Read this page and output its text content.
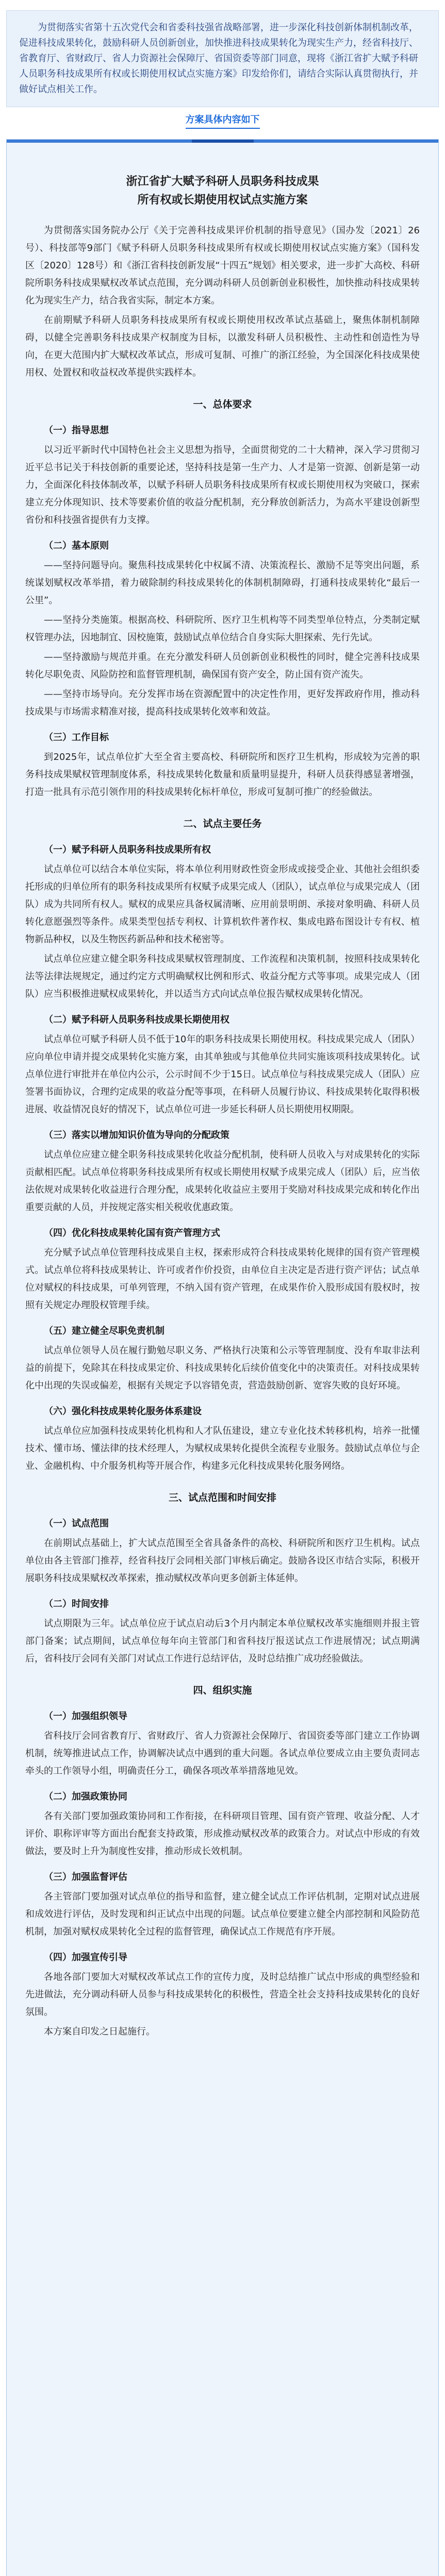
为贯彻落实省第十五次党代会和省委科技强省战略部署，进一步深化科技创新体制机制改革，促进科技成果转化，鼓励科研人员创新创业，加快推进科技成果转化为现实生产力，经省科技厅、省教育厅、省财政厅、省人力资源社会保障厅、省国资委等部门同意，现将《浙江省扩大赋予科研人员职务科技成果所有权或长期使用权试点实施方案》印发给你们，请结合实际认真贯彻执行，并做好试点相关工作。
方案具体内容如下
浙江省扩大赋予科研人员职务科技成果
所有权或长期使用权试点实施方案

为贯彻落实国务院办公厅《关于完善科技成果评价机制的指导意见》（国办发〔2021〕26号）、科技部等9部门《赋予科研人员职务科技成果所有权或长期使用权试点实施方案》（国科发区〔2020〕128号）和《浙江省科技创新发展“十四五”规划》相关要求，进一步扩大高校、科研院所职务科技成果赋权改革试点范围，充分调动科研人员创新创业积极性，加快推动科技成果转化为现实生产力，结合我省实际，制定本方案。

在前期赋予科研人员职务科技成果所有权或长期使用权改革试点基础上，聚焦体制机制障碍，以健全完善职务科技成果产权制度为目标，以激发科研人员积极性、主动性和创造性为导向，在更大范围内扩大赋权改革试点，形成可复制、可推广的浙江经验，为全国深化科技成果使用权、处置权和收益权改革提供实践样本。

一、总体要求
（一）指导思想

以习近平新时代中国特色社会主义思想为指导，全面贯彻党的二十大精神，深入学习贯彻习近平总书记关于科技创新的重要论述，坚持科技是第一生产力、人才是第一资源、创新是第一动力，全面深化科技体制改革，以赋予科研人员职务科技成果所有权或长期使用权为突破口，探索建立充分体现知识、技术等要素价值的收益分配机制，充分释放创新活力，为高水平建设创新型省份和科技强省提供有力支撑。

（二）基本原则

——坚持问题导向。聚焦科技成果转化中权属不清、决策流程长、激励不足等突出问题，系统谋划赋权改革举措，着力破除制约科技成果转化的体制机制障碍，打通科技成果转化“最后一公里”。

——坚持分类施策。根据高校、科研院所、医疗卫生机构等不同类型单位特点，分类制定赋权管理办法，因地制宜、因校施策，鼓励试点单位结合自身实际大胆探索、先行先试。

——坚持激励与规范并重。在充分激发科研人员创新创业积极性的同时，健全完善科技成果转化尽职免责、风险防控和监督管理机制，确保国有资产安全，防止国有资产流失。

——坚持市场导向。充分发挥市场在资源配置中的决定性作用，更好发挥政府作用，推动科技成果与市场需求精准对接，提高科技成果转化效率和效益。

（三）工作目标

到2025年，试点单位扩大至全省主要高校、科研院所和医疗卫生机构，形成较为完善的职务科技成果赋权管理制度体系，科技成果转化数量和质量明显提升，科研人员获得感显著增强，打造一批具有示范引领作用的科技成果转化标杆单位，形成可复制可推广的经验做法。

二、试点主要任务
（一）赋予科研人员职务科技成果所有权

试点单位可以结合本单位实际，将本单位利用财政性资金形成或接受企业、其他社会组织委托形成的归单位所有的职务科技成果所有权赋予成果完成人（团队），试点单位与成果完成人（团队）成为共同所有权人。赋权的成果应具备权属清晰、应用前景明朗、承接对象明确、科研人员转化意愿强烈等条件。成果类型包括专利权、计算机软件著作权、集成电路布图设计专有权、植物新品种权，以及生物医药新品种和技术秘密等。

试点单位应建立健全职务科技成果赋权管理制度、工作流程和决策机制，按照科技成果转化法等法律法规规定，通过约定方式明确赋权比例和形式、收益分配方式等事项。成果完成人（团队）应当积极推进赋权成果转化，并以适当方式向试点单位报告赋权成果转化情况。

（二）赋予科研人员职务科技成果长期使用权

试点单位可赋予科研人员不低于10年的职务科技成果长期使用权。科技成果完成人（团队）应向单位申请并提交成果转化实施方案，由其单独或与其他单位共同实施该项科技成果转化。试点单位进行审批并在单位内公示，公示时间不少于15日。试点单位与科技成果完成人（团队）应签署书面协议，合理约定成果的收益分配等事项，在科研人员履行协议、科技成果转化取得积极进展、收益情况良好的情况下，试点单位可进一步延长科研人员长期使用权期限。

（三）落实以增加知识价值为导向的分配政策

试点单位应建立健全职务科技成果转化收益分配机制，使科研人员收入与对成果转化的实际贡献相匹配。试点单位将职务科技成果所有权或长期使用权赋予成果完成人（团队）后，应当依法依规对成果转化收益进行合理分配，成果转化收益应主要用于奖励对科技成果完成和转化作出重要贡献的人员，并按规定落实相关税收优惠政策。

（四）优化科技成果转化国有资产管理方式

充分赋予试点单位管理科技成果自主权，探索形成符合科技成果转化规律的国有资产管理模式。试点单位将科技成果转让、许可或者作价投资，由单位自主决定是否进行资产评估；试点单位对赋权的科技成果，可单列管理，不纳入国有资产管理，在成果作价入股形成国有股权时，按照有关规定办理股权管理手续。

（五）建立健全尽职免责机制

试点单位领导人员在履行勤勉尽职义务、严格执行决策和公示等管理制度、没有牟取非法利益的前提下，免除其在科技成果定价、科技成果转化后续价值变化中的决策责任。对科技成果转化中出现的失误或偏差，根据有关规定予以容错免责，营造鼓励创新、宽容失败的良好环境。

（六）强化科技成果转化服务体系建设

试点单位应加强科技成果转化机构和人才队伍建设，建立专业化技术转移机构，培养一批懂技术、懂市场、懂法律的技术经理人，为赋权成果转化提供全流程专业服务。鼓励试点单位与企业、金融机构、中介服务机构等开展合作，构建多元化科技成果转化服务网络。

三、试点范围和时间安排
（一）试点范围

在前期试点基础上，扩大试点范围至全省具备条件的高校、科研院所和医疗卫生机构。试点单位由各主管部门推荐，经省科技厅会同相关部门审核后确定。鼓励各设区市结合实际，积极开展职务科技成果赋权改革探索，推动赋权改革向更多创新主体延伸。

（二）时间安排

试点期限为三年。试点单位应于试点启动后3个月内制定本单位赋权改革实施细则并报主管部门备案；试点期间，试点单位每年向主管部门和省科技厅报送试点工作进展情况；试点期满后，省科技厅会同有关部门对试点工作进行总结评估，及时总结推广成功经验做法。

四、组织实施
（一）加强组织领导

省科技厅会同省教育厅、省财政厅、省人力资源社会保障厅、省国资委等部门建立工作协调机制，统筹推进试点工作，协调解决试点中遇到的重大问题。各试点单位要成立由主要负责同志牵头的工作领导小组，明确责任分工，确保各项改革举措落地见效。

（二）加强政策协同

各有关部门要加强政策协同和工作衔接，在科研项目管理、国有资产管理、收益分配、人才评价、职称评审等方面出台配套支持政策，形成推动赋权改革的政策合力。对试点中形成的有效做法，要及时上升为制度性安排，推动形成长效机制。

（三）加强监督评估

各主管部门要加强对试点单位的指导和监督，建立健全试点工作评估机制，定期对试点进展和成效进行评估，及时发现和纠正试点中出现的问题。试点单位要建立健全内部控制和风险防范机制，加强对赋权成果转化全过程的监督管理，确保试点工作规范有序开展。

（四）加强宣传引导

各地各部门要加大对赋权改革试点工作的宣传力度，及时总结推广试点中形成的典型经验和先进做法，充分调动科研人员参与科技成果转化的积极性，营造全社会支持科技成果转化的良好氛围。

本方案自印发之日起施行。
